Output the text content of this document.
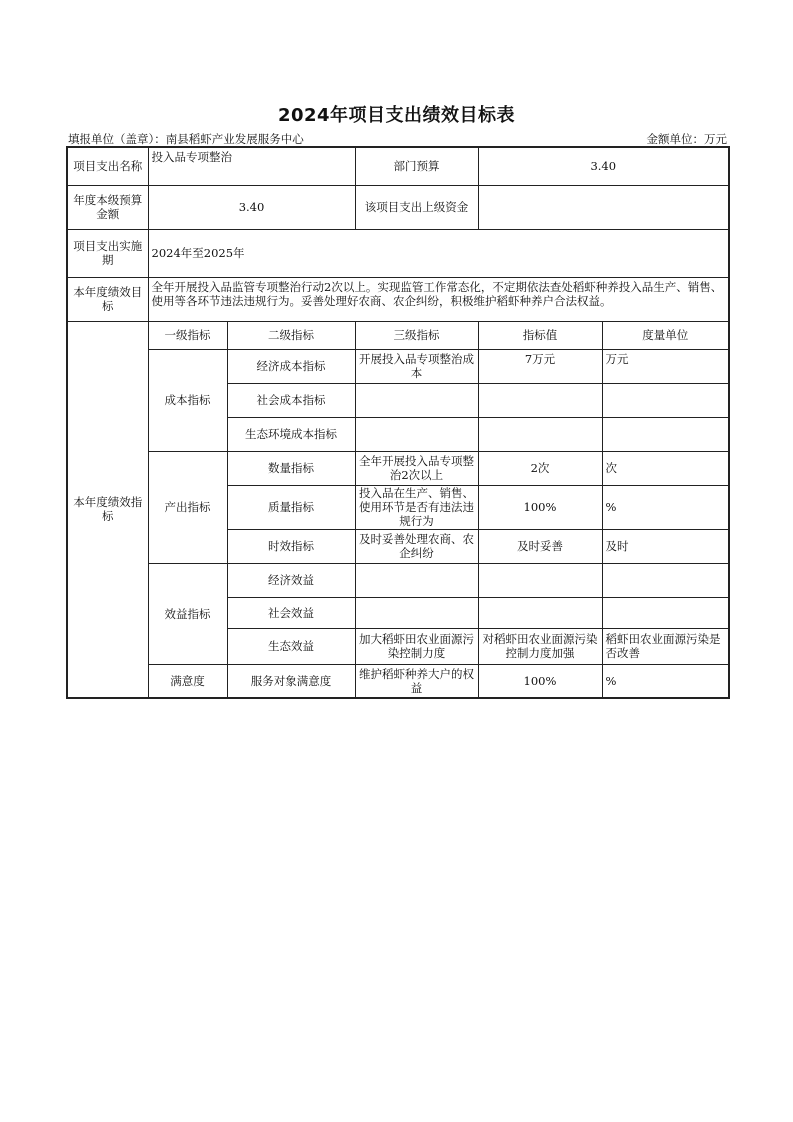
2024年项目支出绩效目标表
填报单位（盖章）：南县稻虾产业发展服务中心	金额单位：万元
项目支出名称	投入品专项整治		部门预算	3.40	
年度本级预算金额	3.40		该项目支出上级资金		
项目支出实施期	2024年至2025年				
本年度绩效目标	全年开展投入品监管专项整治行动2次以上。实现监管工作常态化，不定期依法查处稻虾种养投入品生产、销售、使用等各环节违法违规行为。妥善处理好农商、农企纠纷，积极维护稻虾种养户合法权益。				
本年度绩效指标	一级指标	二级指标	三级指标	指标值	度量单位
	成本指标	经济成本指标	开展投入品专项整治成本	7万元	万元
		社会成本指标			
		生态环境成本指标			
	产出指标	数量指标	全年开展投入品专项整治2次以上	2次	次
		质量指标	投入品在生产、销售、使用环节是否有违法违规行为	100%	%
		时效指标	及时妥善处理农商、农企纠纷	及时妥善	及时
	效益指标	经济效益			
		社会效益			
		生态效益	加大稻虾田农业面源污染控制力度	对稻虾田农业面源污染控制力度加强	稻虾田农业面源污染是否改善
	满意度	服务对象满意度	维护稻虾种养大户的权益	100%	%
